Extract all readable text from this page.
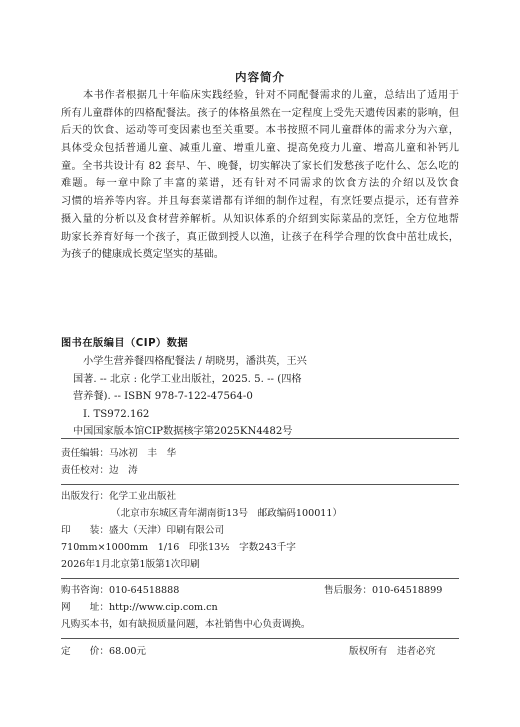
内容简介
本书作者根据几十年临床实践经验，针对不同配餐需求的儿童，总结出了适用于
所有儿童群体的四格配餐法。孩子的体格虽然在一定程度上受先天遗传因素的影响，但
后天的饮食、运动等可变因素也至关重要。本书按照不同儿童群体的需求分为六章，
具体受众包括普通儿童、减重儿童、增重儿童、提高免疫力儿童、增高儿童和补钙儿
童。全书共设计有 82 套早、午、晚餐，切实解决了家长们发愁孩子吃什么、怎么吃的
难题。每一章中除了丰富的菜谱，还有针对不同需求的饮食方法的介绍以及饮食
习惯的培养等内容。并且每套菜谱都有详细的制作过程，有烹饪要点提示，还有营养
摄入量的分析以及食材营养解析。从知识体系的介绍到实际菜品的烹饪，全方位地帮
助家长养育好每一个孩子，真正做到授人以渔，让孩子在科学合理的饮食中茁壮成长，
为孩子的健康成长奠定坚实的基础。
图书在版编目（CIP）数据
小学生营养餐四格配餐法 / 胡晓男，潘洪英，王兴
国著. -- 北京 : 化学工业出版社，2025. 5. -- (四格
营养餐). -- ISBN 978-7-122-47564-0
Ⅰ. TS972.162
中国国家版本馆CIP数据核字第2025KN4482号
责任编辑：马冰初　丰　华
责任校对：边　涛
出版发行：化学工业出版社
（北京市东城区青年湖南街13号　邮政编码100011）
印　　装：盛大（天津）印刷有限公司
710mm×1000mm　1/16　印张13½　字数243千字
2026年1月北京第1版第1次印刷
购书咨询：010-64518888	售后服务：010-64518899
网　　址：http://www.cip.com.cn
凡购买本书，如有缺损质量问题，本社销售中心负责调换。
定　　价：68.00元	版权所有　违者必究
